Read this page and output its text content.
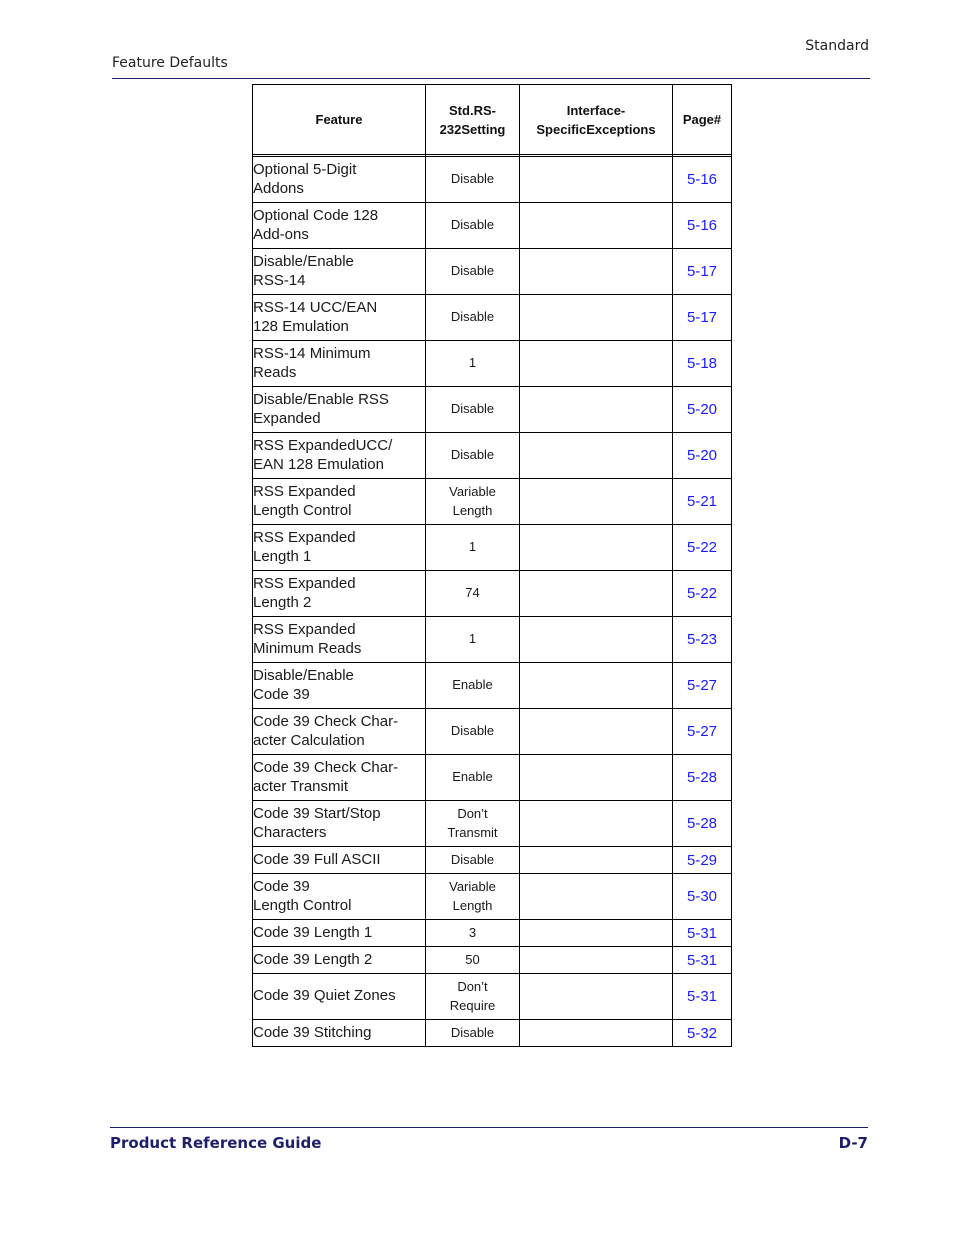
Standard
Feature Defaults
Feature	Std.RS-232Setting	Interface-SpecificExceptions	Page#

Optional 5-Digit
Addons	Disable		5-16

Optional Code 128
Add-ons	Disable		5-16

Disable/Enable
RSS-14	Disable		5-17

RSS-14 UCC/EAN
128 Emulation	Disable		5-17

RSS-14 Minimum
Reads	1		5-18

Disable/Enable RSS
Expanded	Disable		5-20

RSS ExpandedUCC/
EAN 128 Emulation	Disable		5-20

RSS Expanded
Length Control	Variable
Length		5-21

RSS Expanded
Length 1	1		5-22

RSS Expanded
Length 2	74		5-22

RSS Expanded
Minimum Reads	1		5-23

Disable/Enable
Code 39	Enable		5-27

Code 39 Check Char-
acter Calculation	Disable		5-27

Code 39 Check Char-
acter Transmit	Enable		5-28

Code 39 Start/Stop
Characters	Don’t
Transmit		5-28

Code 39 Full ASCII	Disable		5-29

Code 39
Length Control	Variable
Length		5-30

Code 39 Length 1	3		5-31

Code 39 Length 2	50		5-31

Code 39 Quiet Zones	Don’t
Require		5-31

Code 39 Stitching	Disable		5-32
Product Reference Guide	D-7
